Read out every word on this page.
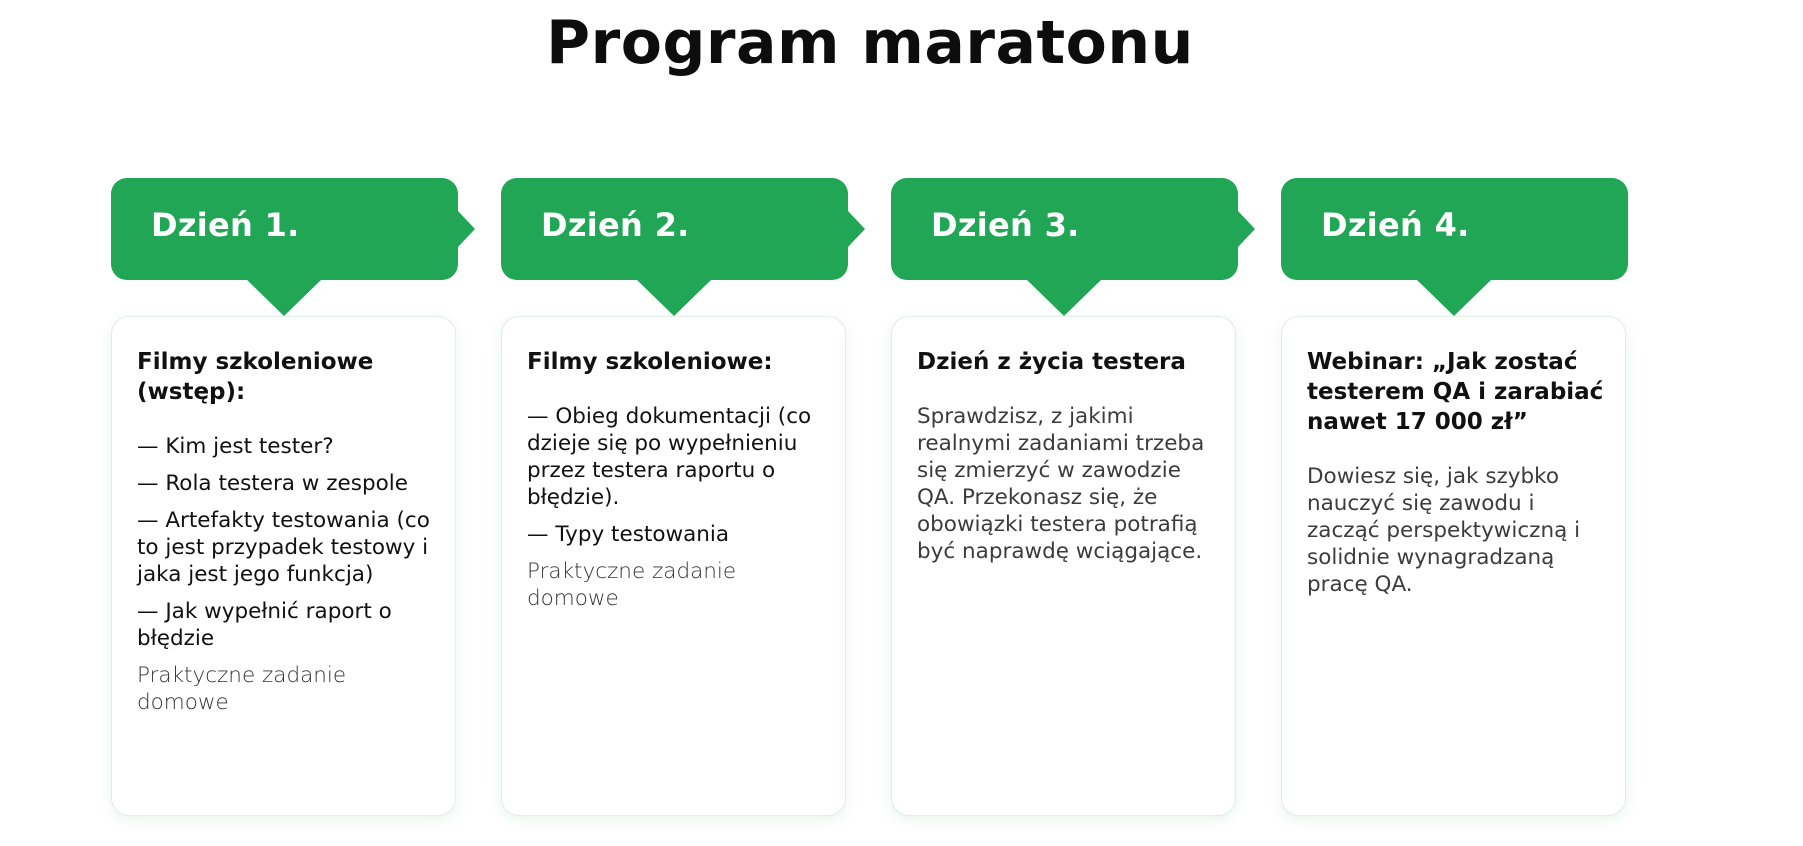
Program maratonu
Dzień 1.
Filmy szkoleniowe (wstęp):
— Kim jest tester?
— Rola testera w zespole
— Artefakty testowania (co to jest przypadek testowy i jaka jest jego funkcja)
— Jak wypełnić raport o błędzie
Praktyczne zadanie domowe
Dzień 2.
Filmy szkoleniowe:
— Obieg dokumentacji (co dzieje się po wypełnieniu przez testera raportu o błędzie).
— Typy testowania
Praktyczne zadanie domowe
Dzień 3.
Dzień z życia testera
Sprawdzisz, z jakimi realnymi zadaniami trzeba się zmierzyć w zawodzie QA. Przekonasz się, że obowiązki testera potrafią być naprawdę wciągające.
Dzień 4.
Webinar: „Jak zostać testerem QA i zarabiać nawet 17 000 zł”
Dowiesz się, jak szybko nauczyć się zawodu i zacząć perspektywiczną i solidnie wynagradzaną pracę QA.
